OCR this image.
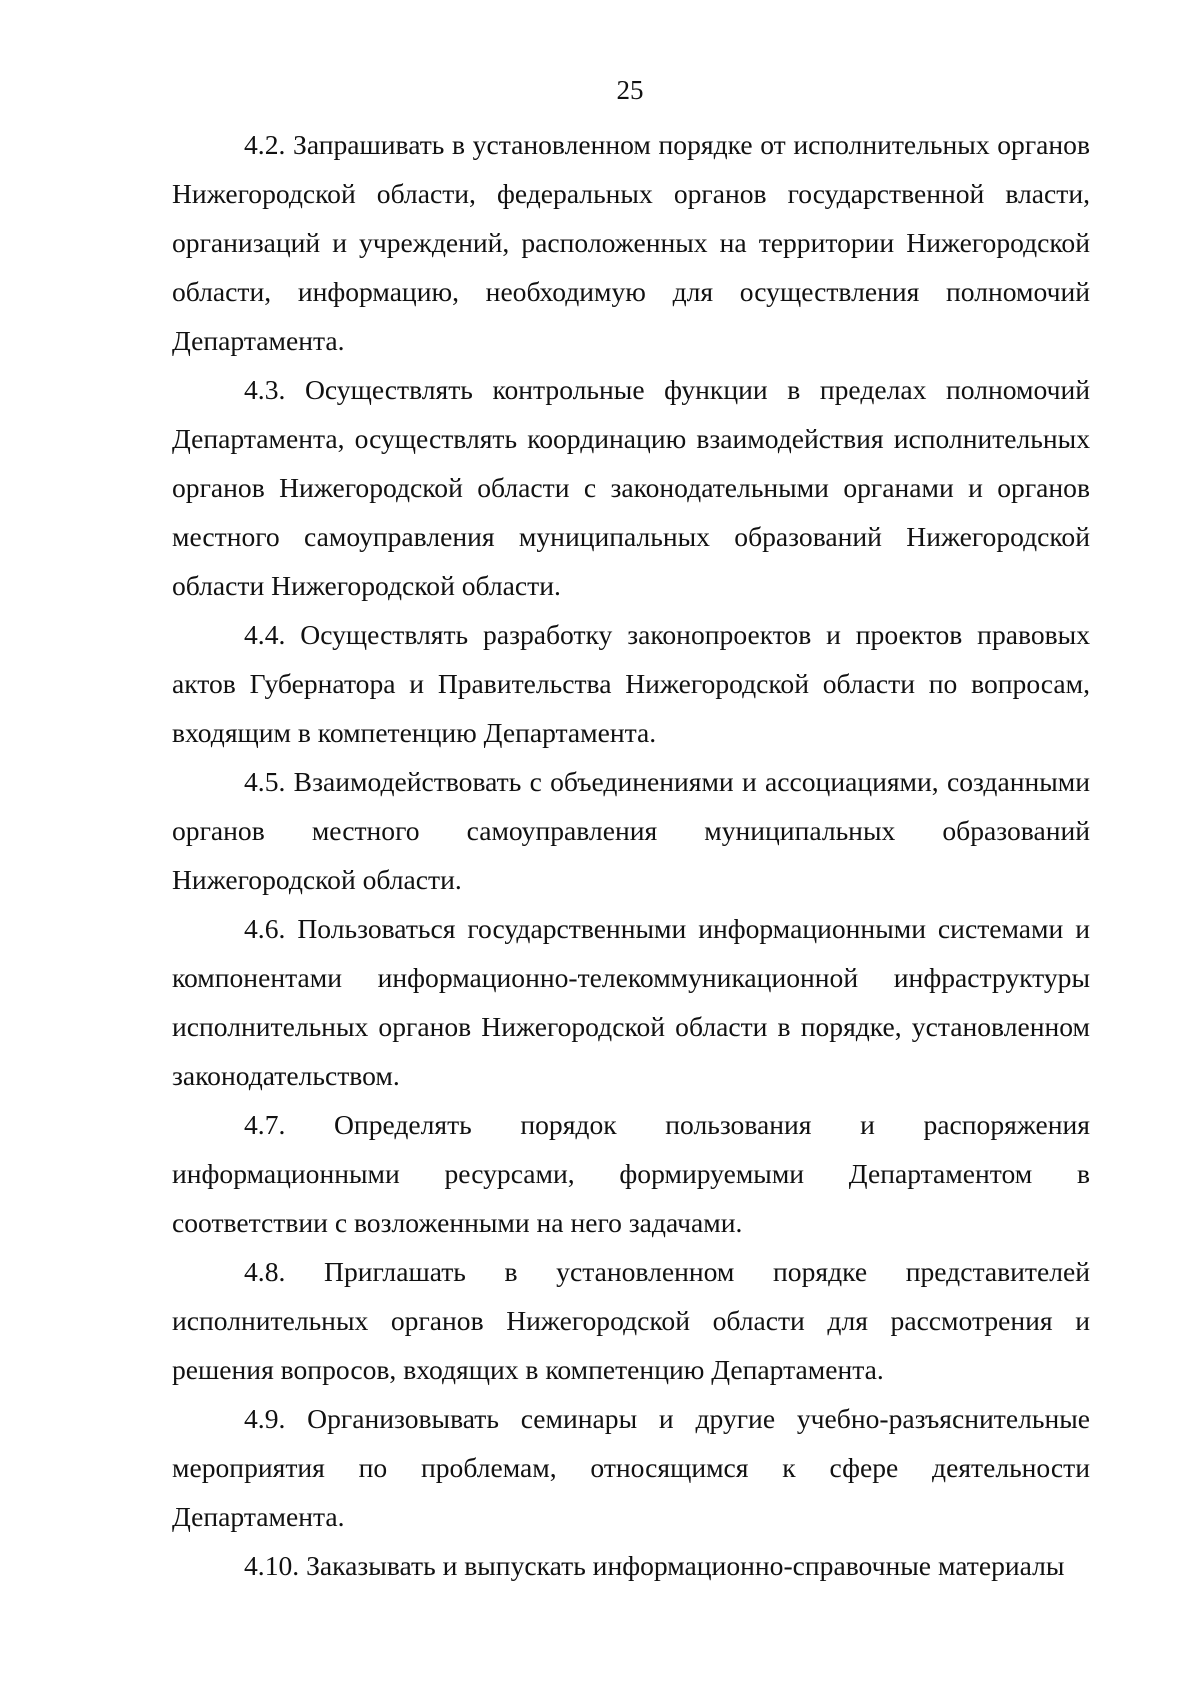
25

4.2. Запрашивать в установленном порядке от исполнительных органов Нижегородской области, федеральных органов государственной власти, организаций и учреждений, расположенных на территории Нижегородской области, информацию, необходимую для осуществления полномочий Департамента.

4.3. Осуществлять контрольные функции в пределах полномочий Департамента, осуществлять координацию взаимодействия исполнительных органов Нижегородской области с законодательными органами и органов местного самоуправления муниципальных образований Нижегородской области Нижегородской области.

4.4. Осуществлять разработку законопроектов и проектов правовых актов Губернатора и Правительства Нижегородской области по вопросам, входящим в компетенцию Департамента.

4.5. Взаимодействовать с объединениями и ассоциациями, созданными органов местного самоуправления муниципальных образований Нижегородской области.

4.6. Пользоваться государственными информационными системами и компонентами информационно-телекоммуникационной инфраструктуры исполнительных органов Нижегородской области в порядке, установленном законодательством.

4.7. Определять порядок пользования и распоряжения информационными ресурсами, формируемыми Департаментом в соответствии с возложенными на него задачами.

4.8. Приглашать в установленном порядке представителей исполнительных органов Нижегородской области для рассмотрения и решения вопросов, входящих в компетенцию Департамента.

4.9. Организовывать семинары и другие учебно-разъяснительные мероприятия по проблемам, относящимся к сфере деятельности Департамента.

4.10. Заказывать и выпускать информационно-справочные материалы
